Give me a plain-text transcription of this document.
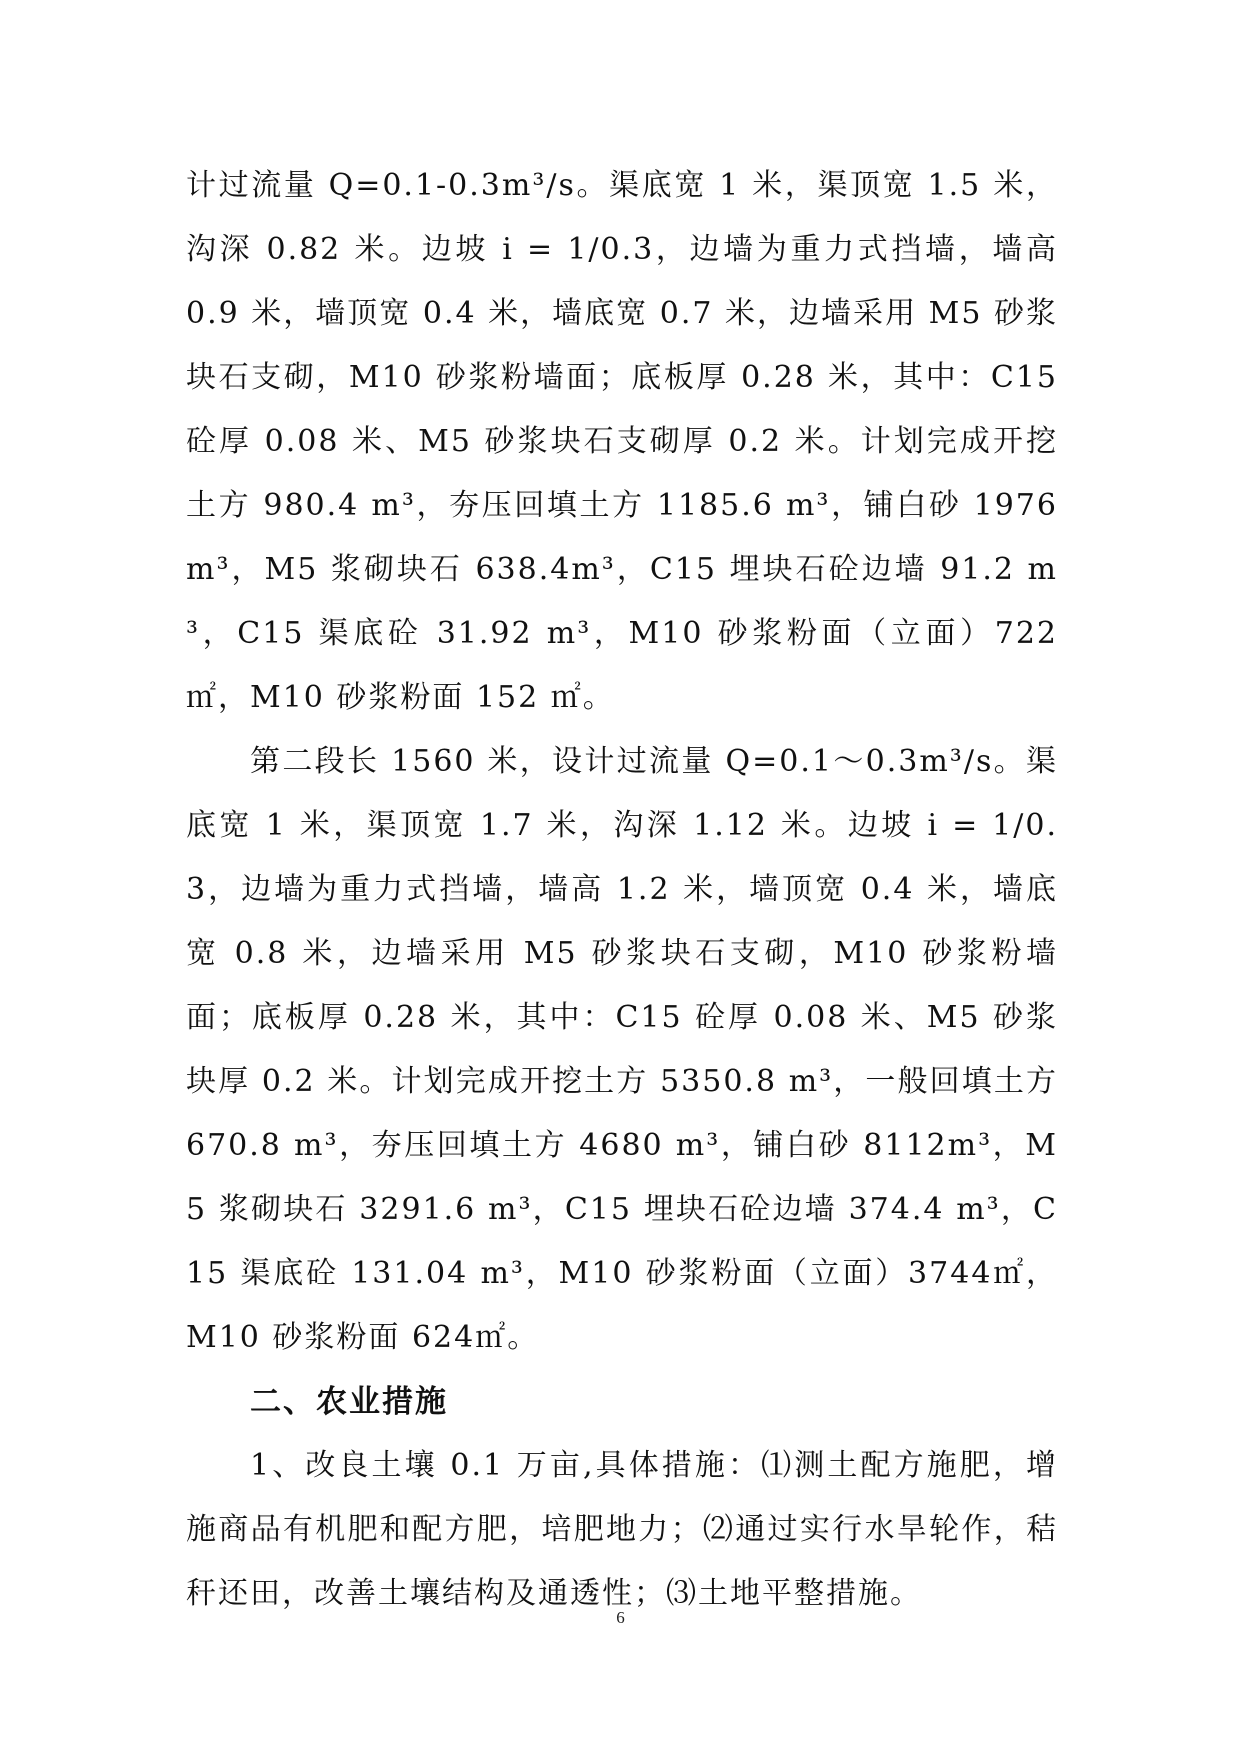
计过流量 Q=0.1-0.3m³/s。渠底宽 1 米，渠顶宽 1.5 米，沟深 0.82 米。边坡 i = 1/0.3，边墙为重力式挡墙，墙高 0.9 米，墙顶宽 0.4 米，墙底宽 0.7 米，边墙采用 M5 砂浆块石支砌，M10 砂浆粉墙面；底板厚 0.28 米，其中：C15 砼厚 0.08 米、M5 砂浆块石支砌厚 0.2 米。计划完成开挖土方 980.4 m³，夯压回填土方 1185.6 m³，铺白砂 1976m³，M5 浆砌块石 638.4m³，C15 埋块石砼边墙 91.2 m³，C15 渠底砼 31.92 m³，M10 砂浆粉面（立面）722㎡，M10 砂浆粉面 152 ㎡。

第二段长 1560 米，设计过流量 Q=0.1～0.3m³/s。渠底宽 1 米，渠顶宽 1.7 米，沟深 1.12 米。边坡 i = 1/0.3，边墙为重力式挡墙，墙高 1.2 米，墙顶宽 0.4 米，墙底宽 0.8 米，边墙采用 M5 砂浆块石支砌，M10 砂浆粉墙面；底板厚 0.28 米，其中：C15 砼厚 0.08 米、M5 砂浆块厚 0.2 米。计划完成开挖土方 5350.8 m³，一般回填土方 670.8 m³，夯压回填土方 4680 m³，铺白砂 8112m³，M5 浆砌块石 3291.6 m³，C15 埋块石砼边墙 374.4 m³，C15 渠底砼 131.04 m³，M10 砂浆粉面（立面）3744㎡，M10 砂浆粉面 624㎡。

二、农业措施

1、改良土壤 0.1 万亩,具体措施：⑴测土配方施肥，增施商品有机肥和配方肥，培肥地力；⑵通过实行水旱轮作，秸秆还田，改善土壤结构及通透性；⑶土地平整措施。

6
